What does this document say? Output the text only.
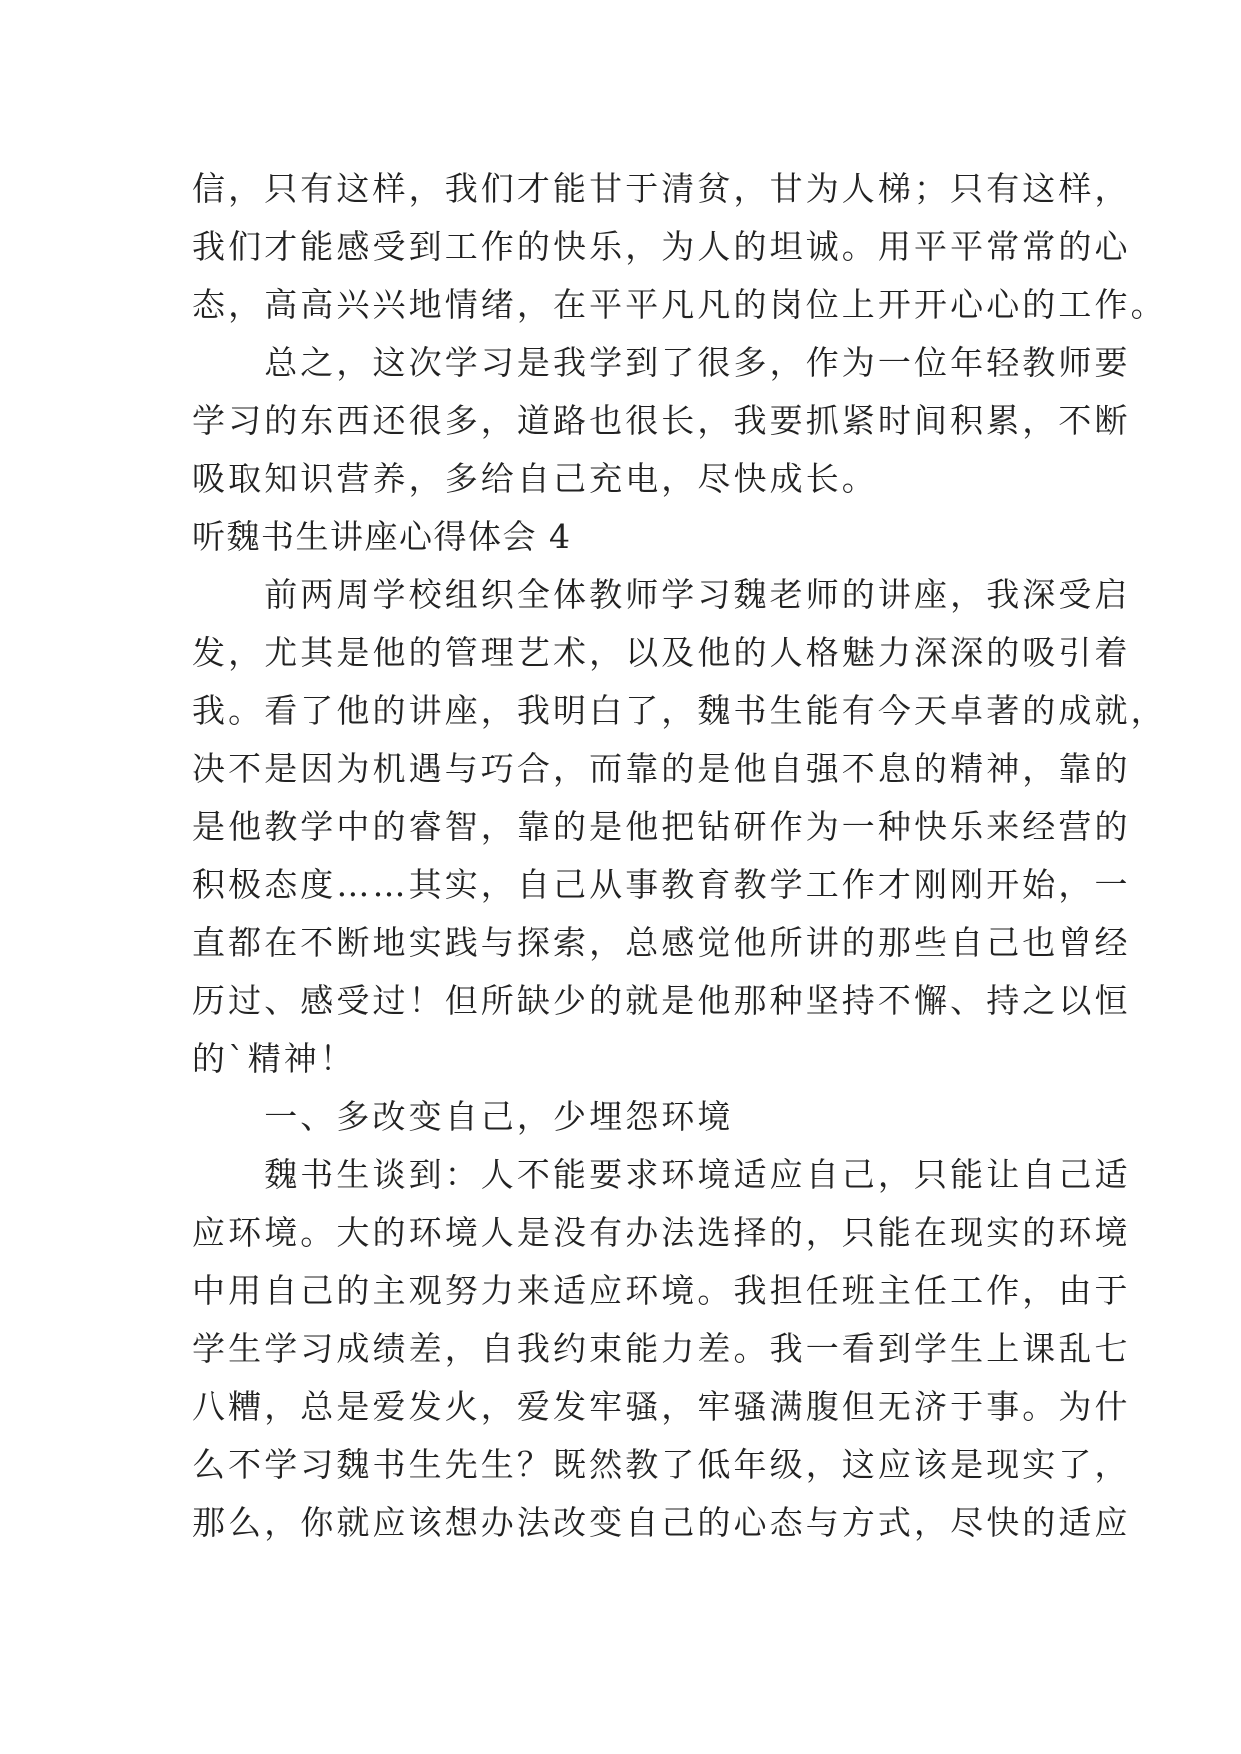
信，只有这样，我们才能甘于清贫，甘为人梯；只有这样，
我们才能感受到工作的快乐，为人的坦诚。用平平常常的心
态，高高兴兴地情绪，在平平凡凡的岗位上开开心心的工作。
　　总之，这次学习是我学到了很多，作为一位年轻教师要
学习的东西还很多，道路也很长，我要抓紧时间积累，不断
吸取知识营养，多给自己充电，尽快成长。
听魏书生讲座心得体会 4
　　前两周学校组织全体教师学习魏老师的讲座，我深受启
发，尤其是他的管理艺术，以及他的人格魅力深深的吸引着
我。看了他的讲座，我明白了，魏书生能有今天卓著的成就，
决不是因为机遇与巧合，而靠的是他自强不息的精神，靠的
是他教学中的睿智，靠的是他把钻研作为一种快乐来经营的
积极态度……其实，自己从事教育教学工作才刚刚开始，一
直都在不断地实践与探索，总感觉他所讲的那些自己也曾经
历过、感受过！但所缺少的就是他那种坚持不懈、持之以恒
的`精神！
　　一、多改变自己，少埋怨环境
　　魏书生谈到：人不能要求环境适应自己，只能让自己适
应环境。大的环境人是没有办法选择的，只能在现实的环境
中用自己的主观努力来适应环境。我担任班主任工作，由于
学生学习成绩差，自我约束能力差。我一看到学生上课乱七
八糟，总是爱发火，爱发牢骚，牢骚满腹但无济于事。为什
么不学习魏书生先生？既然教了低年级，这应该是现实了，
那么，你就应该想办法改变自己的心态与方式，尽快的适应
